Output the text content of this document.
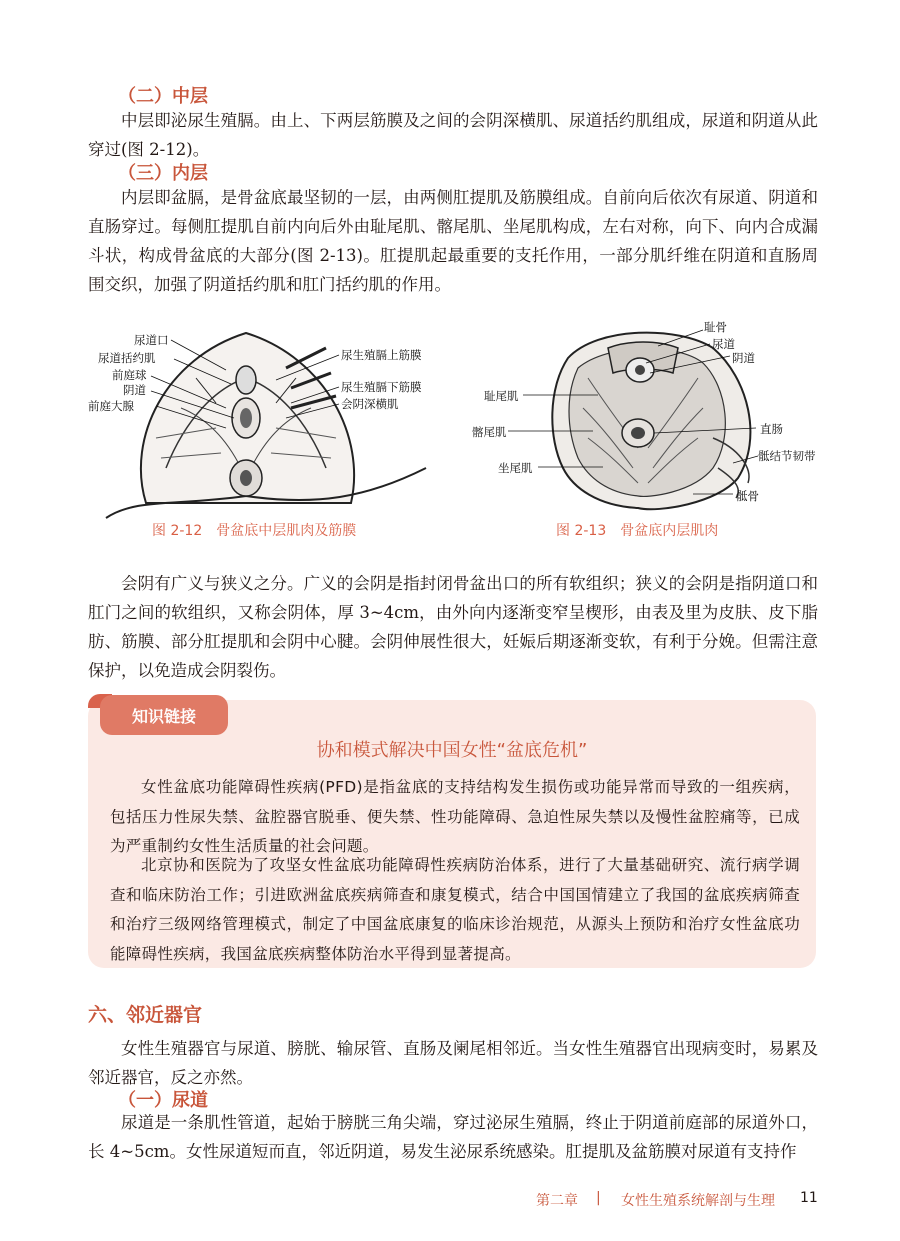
（二）中层
中层即泌尿生殖膈。由上、下两层筋膜及之间的会阴深横肌、尿道括约肌组成，尿道和阴道从此穿过(图 2-12)。
（三）内层
内层即盆膈，是骨盆底最坚韧的一层，由两侧肛提肌及筋膜组成。自前向后依次有尿道、阴道和直肠穿过。每侧肛提肌自前内向后外由耻尾肌、髂尾肌、坐尾肌构成，左右对称，向下、向内合成漏斗状，构成骨盆底的大部分(图 2-13)。肛提肌起最重要的支托作用，一部分肌纤维在阴道和直肠周围交织，加强了阴道括约肌和肛门括约肌的作用。
尿道口
尿道括约肌
前庭球
阴道
前庭大腺
尿生殖膈上筋膜
尿生殖膈下筋膜
会阴深横肌
图 2-12　骨盆底中层肌肉及筋膜
耻骨
尿道
阴道
耻尾肌
髂尾肌
坐尾肌
直肠
骶结节韧带
骶骨
图 2-13　骨盆底内层肌肉
会阴有广义与狭义之分。广义的会阴是指封闭骨盆出口的所有软组织；狭义的会阴是指阴道口和肛门之间的软组织，又称会阴体，厚 3~4cm，由外向内逐渐变窄呈楔形，由表及里为皮肤、皮下脂肪、筋膜、部分肛提肌和会阴中心腱。会阴伸展性很大，妊娠后期逐渐变软，有利于分娩。但需注意保护，以免造成会阴裂伤。
知识链接
协和模式解决中国女性“盆底危机”
女性盆底功能障碍性疾病(PFD)是指盆底的支持结构发生损伤或功能异常而导致的一组疾病，包括压力性尿失禁、盆腔器官脱垂、便失禁、性功能障碍、急迫性尿失禁以及慢性盆腔痛等，已成为严重制约女性生活质量的社会问题。
北京协和医院为了攻坚女性盆底功能障碍性疾病防治体系，进行了大量基础研究、流行病学调查和临床防治工作；引进欧洲盆底疾病筛查和康复模式，结合中国国情建立了我国的盆底疾病筛查和治疗三级网络管理模式，制定了中国盆底康复的临床诊治规范，从源头上预防和治疗女性盆底功能障碍性疾病，我国盆底疾病整体防治水平得到显著提高。
六、邻近器官
女性生殖器官与尿道、膀胱、输尿管、直肠及阑尾相邻近。当女性生殖器官出现病变时，易累及邻近器官，反之亦然。
（一）尿道
尿道是一条肌性管道，起始于膀胱三角尖端，穿过泌尿生殖膈，终止于阴道前庭部的尿道外口，长 4~5cm。女性尿道短而直，邻近阴道，易发生泌尿系统感染。肛提肌及盆筋膜对尿道有支持作
第二章 | 女性生殖系统解剖与生理 11
